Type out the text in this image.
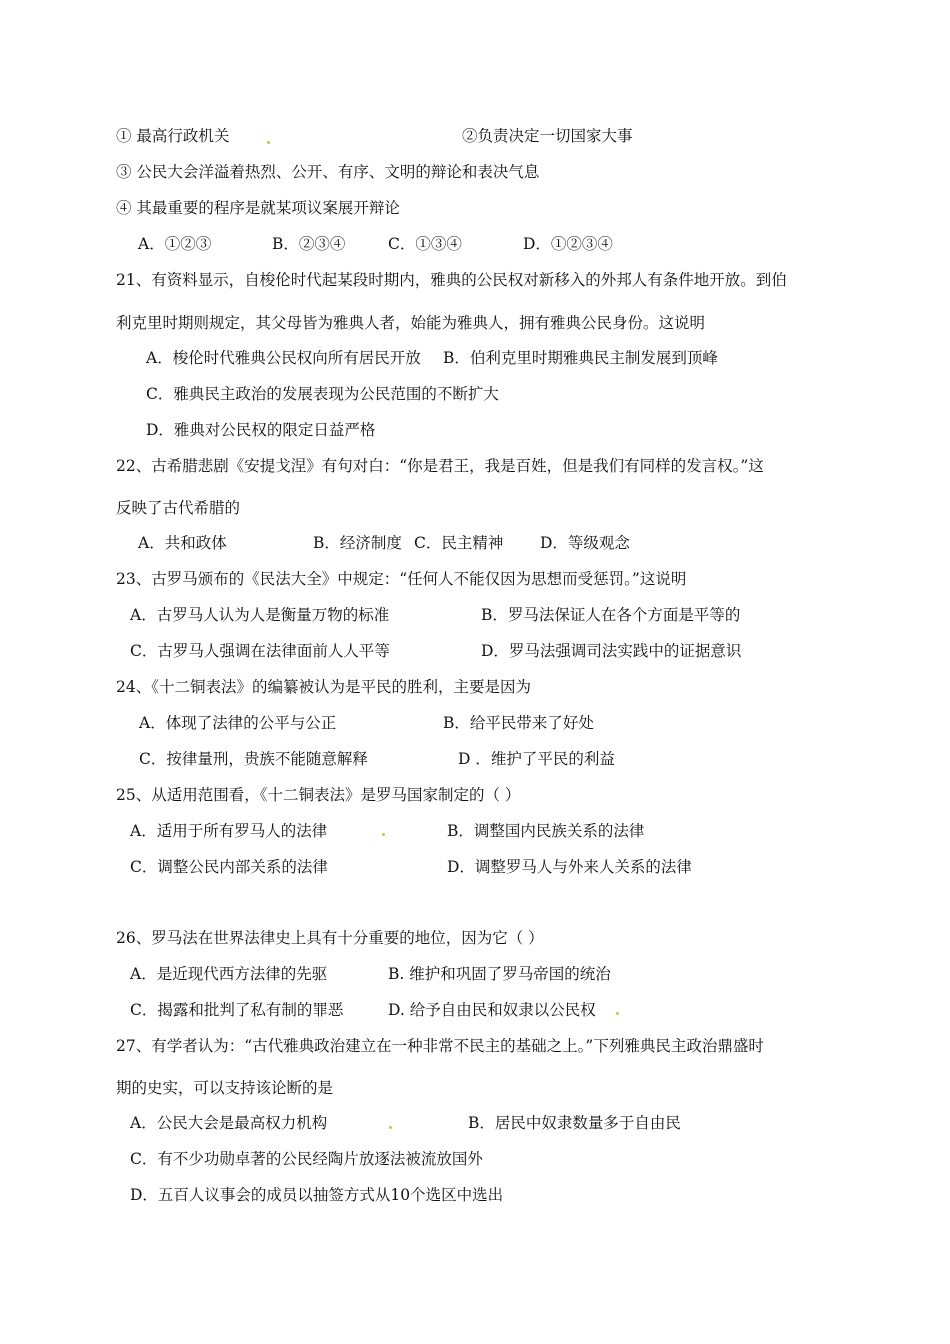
① 最高行政机关	②负责决定一切国家大事
③ 公民大会洋溢着热烈、公开、有序、文明的辩论和表决气息
④ 其最重要的程序是就某项议案展开辩论
A．①②③	B．②③④	C．①③④	D．①②③④
21、有资料显示，自梭伦时代起某段时期内，雅典的公民权对新移入的外邦人有条件地开放。到伯
利克里时期则规定，其父母皆为雅典人者，始能为雅典人，拥有雅典公民身份。这说明
A．梭伦时代雅典公民权向所有居民开放 B．伯利克里时期雅典民主制发展到顶峰
C．雅典民主政治的发展表现为公民范围的不断扩大
D．雅典对公民权的限定日益严格
22、古希腊悲剧《安提戈涅》有句对白：“你是君王，我是百姓，但是我们有同样的发言权。”这
反映了古代希腊的
A．共和政体	B．经济制度 C．民主精神 D．等级观念
23、古罗马颁布的《民法大全》中规定：“任何人不能仅因为思想而受惩罚。”这说明
A．古罗马人认为人是衡量万物的标准	B．罗马法保证人在各个方面是平等的
C．古罗马人强调在法律面前人人平等	D．罗马法强调司法实践中的证据意识
24、《十二铜表法》的编纂被认为是平民的胜利，主要是因为
A．体现了法律的公平与公正	B．给平民带来了好处
C．按律量刑，贵族不能随意解释	D ．维护了平民的利益
25、从适用范围看，《十二铜表法》是罗马国家制定的（ ）
A．适用于所有罗马人的法律	B．调整国内民族关系的法律
C．调整公民内部关系的法律	D．调整罗马人与外来人关系的法律
26、罗马法在世界法律史上具有十分重要的地位，因为它（ ）
A．是近现代西方法律的先驱	B. 维护和巩固了罗马帝国的统治
C．揭露和批判了私有制的罪恶	D. 给予自由民和奴隶以公民权
27、有学者认为：“古代雅典政治建立在一种非常不民主的基础之上。”下列雅典民主政治鼎盛时
期的史实，可以支持该论断的是
A．公民大会是最高权力机构	B．居民中奴隶数量多于自由民
C．有不少功勋卓著的公民经陶片放逐法被流放国外
D．五百人议事会的成员以抽签方式从10个选区中选出
